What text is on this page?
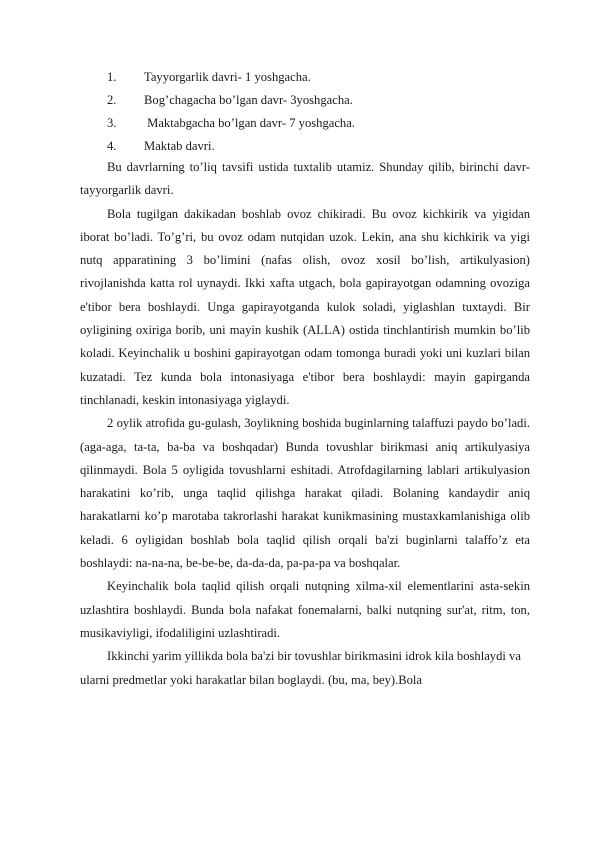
1. Tayyorgarlik davri- 1 yoshgacha.
2. Bog’chagacha bo’lgan davr- 3yoshgacha.
3. Maktabgacha bo’lgan davr- 7 yoshgacha.
4. Maktab davri.

Bu davrlarning to’liq tavsifi ustida tuxtalib utamiz. Shunday qilib, birinchi davr-tayyorgarlik davri.

Bola tugilgan dakikadan boshlab ovoz chikiradi. Bu ovoz kichkirik va yigidan iborat bo’ladi. To’g’ri, bu ovoz odam nutqidan uzok. Lekin, ana shu kichkirik va yigi nutq apparatining 3 bo’limini (nafas olish, ovoz xosil bo’lish, artikulyasion) rivojlanishda katta rol uynaydi. Ikki xafta utgach, bola gapirayotgan odamning ovoziga e'tibor bera boshlaydi. Unga gapirayotganda kulok soladi, yiglashlan tuxtaydi. Bir oyligining oxiriga borib, uni mayin kushik (ALLA) ostida tinchlantirish mumkin bo’lib koladi. Keyinchalik u boshini gapirayotgan odam tomonga buradi yoki uni kuzlari bilan kuzatadi. Tez kunda bola intonasiyaga e'tibor bera boshlaydi: mayin gapirganda tinchlanadi, keskin intonasiyaga yiglaydi.

2 oylik atrofida gu-gulash, 3oylikning boshida buginlarning talaffuzi paydo bo’ladi.(aga-aga, ta-ta, ba-ba va boshqadar) Bunda tovushlar birikmasi aniq artikulyasiya qilinmaydi. Bola 5 oyligida tovushlarni eshitadi. Atrofdagilarning lablari artikulyasion harakatini ko’rib, unga taqlid qilishga harakat qiladi. Bolaning kandaydir aniq harakatlarni ko’p marotaba takrorlashi harakat kunikmasining mustaxkamlanishiga olib keladi. 6 oyligidan boshlab bola taqlid qilish orqali ba'zi buginlarni talaffo’z eta boshlaydi: na-na-na, be-be-be, da-da-da, pa-pa-pa va boshqalar.

Keyinchalik bola taqlid qilish orqali nutqning xilma-xil elementlarini asta-sekin uzlashtira boshlaydi. Bunda bola nafakat fonemalarni, balki nutqning sur'at, ritm, ton, musikaviyligi, ifodaliligini uzlashtiradi.

Ikkinchi yarim yillikda bola ba'zi bir tovushlar birikmasini idrok kila boshlaydi va ularni predmetlar yoki harakatlar bilan boglaydi. (bu, ma, bey).Bola
